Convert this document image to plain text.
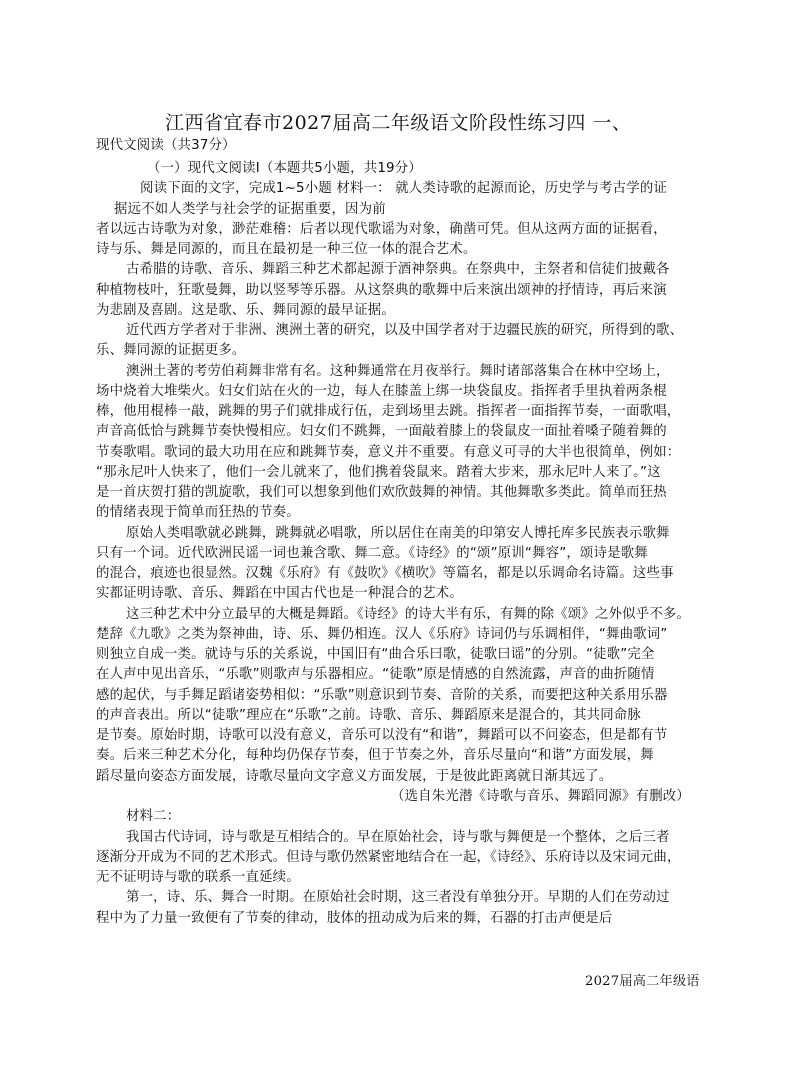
江西省宜春市2027届高二年级语文阶段性练习四 一、
现代文阅读（共37分）
（一）现代文阅读Ⅰ（本题共5小题，共19分）
阅读下面的文字，完成1~5小题 材料一： 就人类诗歌的起源而论，历史学与考古学的证
据远不如人类学与社会学的证据重要，因为前
者以远古诗歌为对象，渺茫难稽：后者以现代歌谣为对象，确凿可凭。但从这两方面的证据看，
诗与乐、舞是同源的，而且在最初是一种三位一体的混合艺术。
古希腊的诗歌、音乐、舞蹈三种艺术都起源于酒神祭典。在祭典中，主祭者和信徒们披戴各
种植物枝叶，狂歌曼舞，助以竖琴等乐器。从这祭典的歌舞中后来演出颂神的抒情诗，再后来演
为悲剧及喜剧。这是歌、乐、舞同源的最早证据。
近代西方学者对于非洲、澳洲土著的研究，以及中国学者对于边疆民族的研究，所得到的歌、
乐、舞同源的证据更多。
澳洲土著的考劳伯莉舞非常有名。这种舞通常在月夜举行。舞时诸部落集合在林中空场上，
场中烧着大堆柴火。妇女们站在火的一边，每人在膝盖上绑一块袋鼠皮。指挥者手里执着两条棍
棒，他用棍棒一敲，跳舞的男子们就排成行伍，走到场里去跳。指挥者一面指挥节奏，一面歌唱，
声音高低恰与跳舞节奏快慢相应。妇女们不跳舞，一面敲着膝上的袋鼠皮一面扯着嗓子随着舞的
节奏歌唱。歌词的最大功用在应和跳舞节奏，意义并不重要。有意义可寻的大半也很简单，例如：
“那永尼叶人快来了，他们一会儿就来了，他们携着袋鼠来。踏着大步来，那永尼叶人来了。”这
是一首庆贺打猎的凯旋歌，我们可以想象到他们欢欣鼓舞的神情。其他舞歌多类此。简单而狂热
的情绪表现于简单而狂热的节奏。
原始人类唱歌就必跳舞，跳舞就必唱歌，所以居住在南美的印第安人博托库多民族表示歌舞
只有一个词。近代欧洲民谣一词也兼含歌、舞二意。《诗经》的“颂”原训“舞容”，颂诗是歌舞
的混合，痕迹也很显然。汉魏《乐府》有《鼓吹》《横吹》等篇名，都是以乐调命名诗篇。这些事
实都证明诗歌、音乐、舞蹈在中国古代也是一种混合的艺术。
这三种艺术中分立最早的大概是舞蹈。《诗经》的诗大半有乐，有舞的除《颂》之外似乎不多。
楚辞《九歌》之类为祭神曲，诗、乐、舞仍相连。汉人《乐府》诗词仍与乐调相伴，“舞曲歌词”
则独立自成一类。就诗与乐的关系说，中国旧有“曲合乐曰歌，徒歌曰谣”的分别。“徒歌”完全
在人声中见出音乐，“乐歌”则歌声与乐器相应。“徒歌”原是情感的自然流露，声音的曲折随情
感的起伏，与手舞足蹈诸姿势相似：“乐歌”则意识到节奏、音阶的关系，而要把这种关系用乐器
的声音表出。所以“徒歌”理应在“乐歌”之前。诗歌、音乐、舞蹈原来是混合的，其共同命脉
是节奏。原始时期，诗歌可以没有意义，音乐可以没有“和谐”，舞蹈可以不问姿态，但是都有节
奏。后来三种艺术分化，每种均仍保存节奏，但于节奏之外，音乐尽量向“和谐”方面发展，舞
蹈尽量向姿态方面发展，诗歌尽量向文字意义方面发展，于是彼此距离就日渐其远了。
（选自朱光潜《诗歌与音乐、舞蹈同源》有删改）
材料二：
我国古代诗词，诗与歌是互相结合的。早在原始社会，诗与歌与舞便是一个整体，之后三者
逐渐分开成为不同的艺术形式。但诗与歌仍然紧密地结合在一起，《诗经》、乐府诗以及宋词元曲，
无不证明诗与歌的联系一直延续。
第一，诗、乐、舞合一时期。在原始社会时期，这三者没有单独分开。早期的人们在劳动过
程中为了力量一致便有了节奏的律动，肢体的扭动成为后来的舞，石器的打击声便是后
2027届高二年级语
